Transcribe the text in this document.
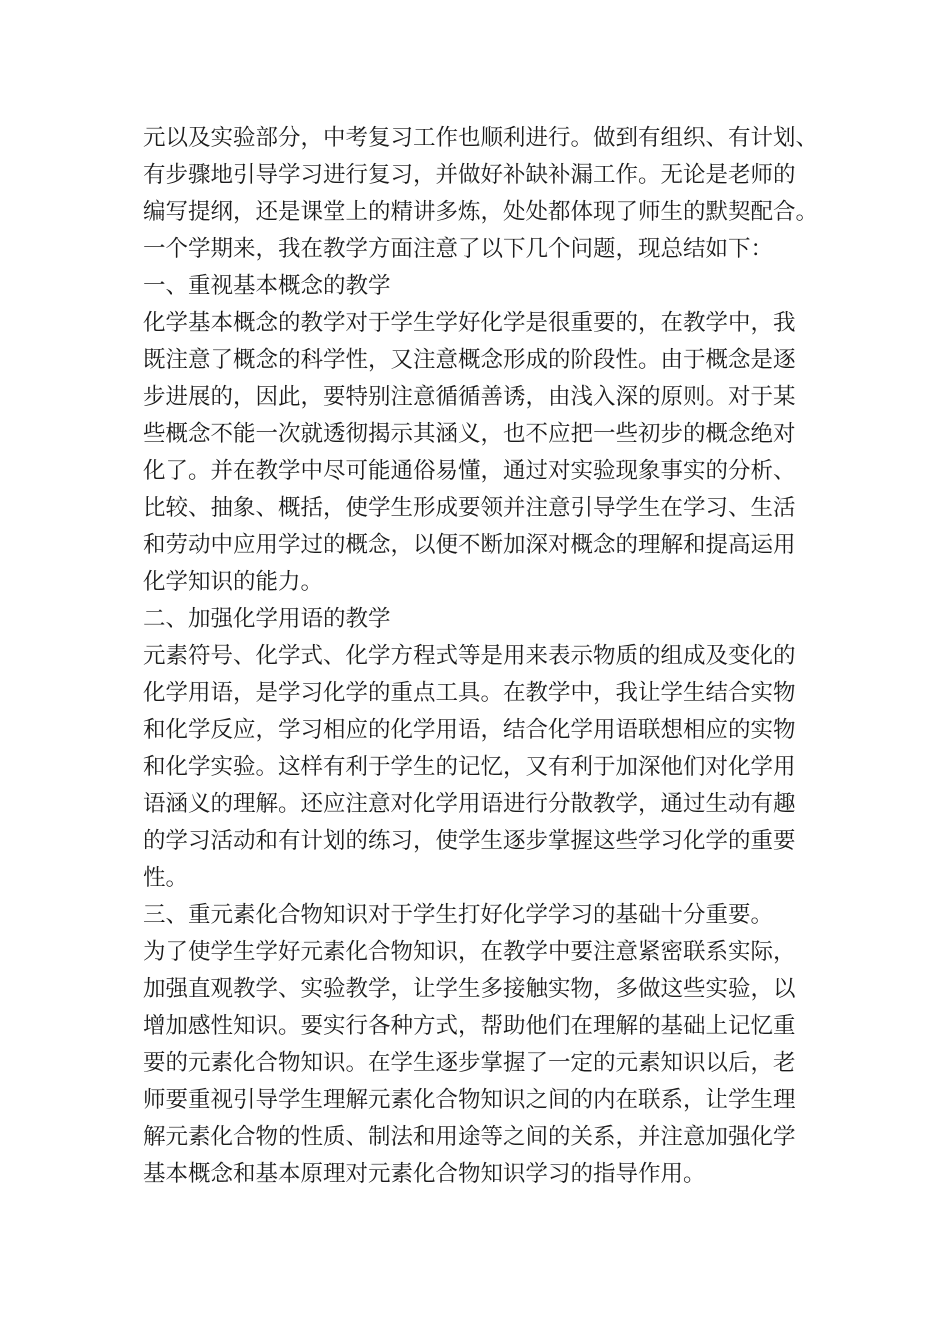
元以及实验部分，中考复习工作也顺利进行。做到有组织、有计划、
有步骤地引导学习进行复习，并做好补缺补漏工作。无论是老师的
编写提纲，还是课堂上的精讲多炼，处处都体现了师生的默契配合。
一个学期来，我在教学方面注意了以下几个问题，现总结如下：
一、重视基本概念的教学
化学基本概念的教学对于学生学好化学是很重要的，在教学中，我
既注意了概念的科学性，又注意概念形成的阶段性。由于概念是逐
步进展的，因此，要特别注意循循善诱，由浅入深的原则。对于某
些概念不能一次就透彻揭示其涵义，也不应把一些初步的概念绝对
化了。并在教学中尽可能通俗易懂，通过对实验现象事实的分析、
比较、抽象、概括，使学生形成要领并注意引导学生在学习、生活
和劳动中应用学过的概念，以便不断加深对概念的理解和提高运用
化学知识的能力。
二、加强化学用语的教学
元素符号、化学式、化学方程式等是用来表示物质的组成及变化的
化学用语，是学习化学的重点工具。在教学中，我让学生结合实物
和化学反应，学习相应的化学用语，结合化学用语联想相应的实物
和化学实验。这样有利于学生的记忆，又有利于加深他们对化学用
语涵义的理解。还应注意对化学用语进行分散教学，通过生动有趣
的学习活动和有计划的练习，使学生逐步掌握这些学习化学的重要
性。
三、重元素化合物知识对于学生打好化学学习的基础十分重要。
为了使学生学好元素化合物知识，在教学中要注意紧密联系实际，
加强直观教学、实验教学，让学生多接触实物，多做这些实验，以
增加感性知识。要实行各种方式，帮助他们在理解的基础上记忆重
要的元素化合物知识。在学生逐步掌握了一定的元素知识以后，老
师要重视引导学生理解元素化合物知识之间的内在联系，让学生理
解元素化合物的性质、制法和用途等之间的关系，并注意加强化学
基本概念和基本原理对元素化合物知识学习的指导作用。
